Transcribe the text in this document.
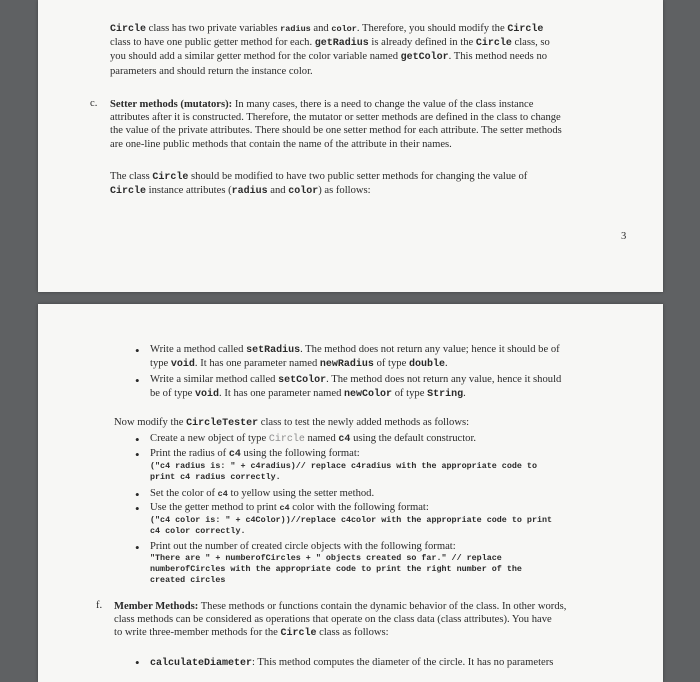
Circle class has two private variables radius and color. Therefore, you should modify the Circle
class to have one public getter method for each. getRadius is already defined in the Circle class, so
you should add a similar getter method for the color variable named getColor. This method needs no
parameters and should return the instance color.
c. Setter methods (mutators): In many cases, there is a need to change the value of the class instance
attributes after it is constructed. Therefore, the mutator or setter methods are defined in the class to change
the value of the private attributes. There should be one setter method for each attribute. The setter methods
are one-line public methods that contain the name of the attribute in their names.
The class Circle should be modified to have two public setter methods for changing the value of
Circle instance attributes (radius and color) as follows:
3
• Write a method called setRadius. The method does not return any value; hence it should be of
type void. It has one parameter named newRadius of type double.
• Write a similar method called setColor. The method does not return any value, hence it should
be of type void. It has one parameter named newColor of type String.
Now modify the CircleTester class to test the newly added methods as follows:
• Create a new object of type Circle named c4 using the default constructor.
• Print the radius of c4 using the following format:
("c4 radius is: " + c4radius)// replace c4radius with the appropriate code to
print c4 radius correctly.
• Set the color of c4 to yellow using the setter method.
• Use the getter method to print c4 color with the following format:
("c4 color is: " + c4Color))//replace c4color with the appropriate code to print
c4 color correctly.
• Print out the number of created circle objects with the following format:
"There are " + numberofCircles + " objects created so far." // replace
numberofCircles with the appropriate code to print the right number of the
created circles
f. Member Methods: These methods or functions contain the dynamic behavior of the class. In other words,
class methods can be considered as operations that operate on the class data (class attributes). You have
to write three-member methods for the Circle class as follows:
• calculateDiameter: This method computes the diameter of the circle. It has no parameters
